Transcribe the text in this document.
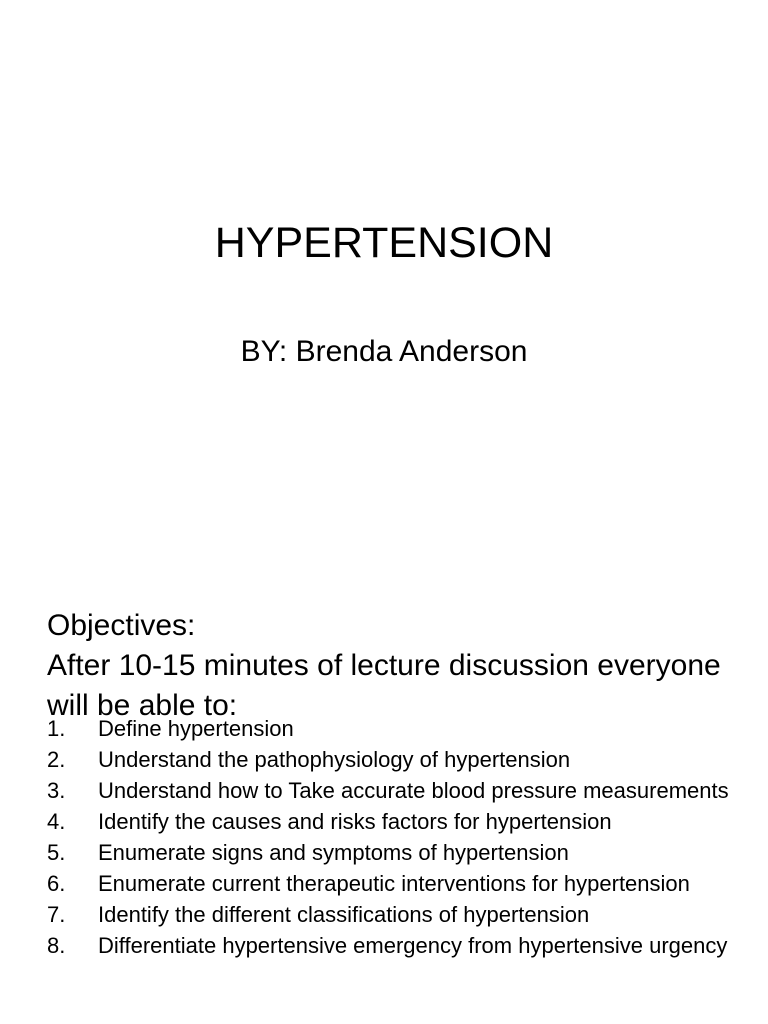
HYPERTENSION

BY: Brenda Anderson

Objectives:

After 10-15 minutes of lecture discussion everyone will be able to:

1.	Define hypertension
2.	Understand the pathophysiology of hypertension
3.	Understand how to Take accurate blood pressure measurements
4.	Identify the causes and risks factors for hypertension
5.	Enumerate signs and symptoms of hypertension
6.	Enumerate current therapeutic interventions for hypertension
7.	Identify the different classifications of hypertension
8.	Differentiate hypertensive emergency from hypertensive urgency
